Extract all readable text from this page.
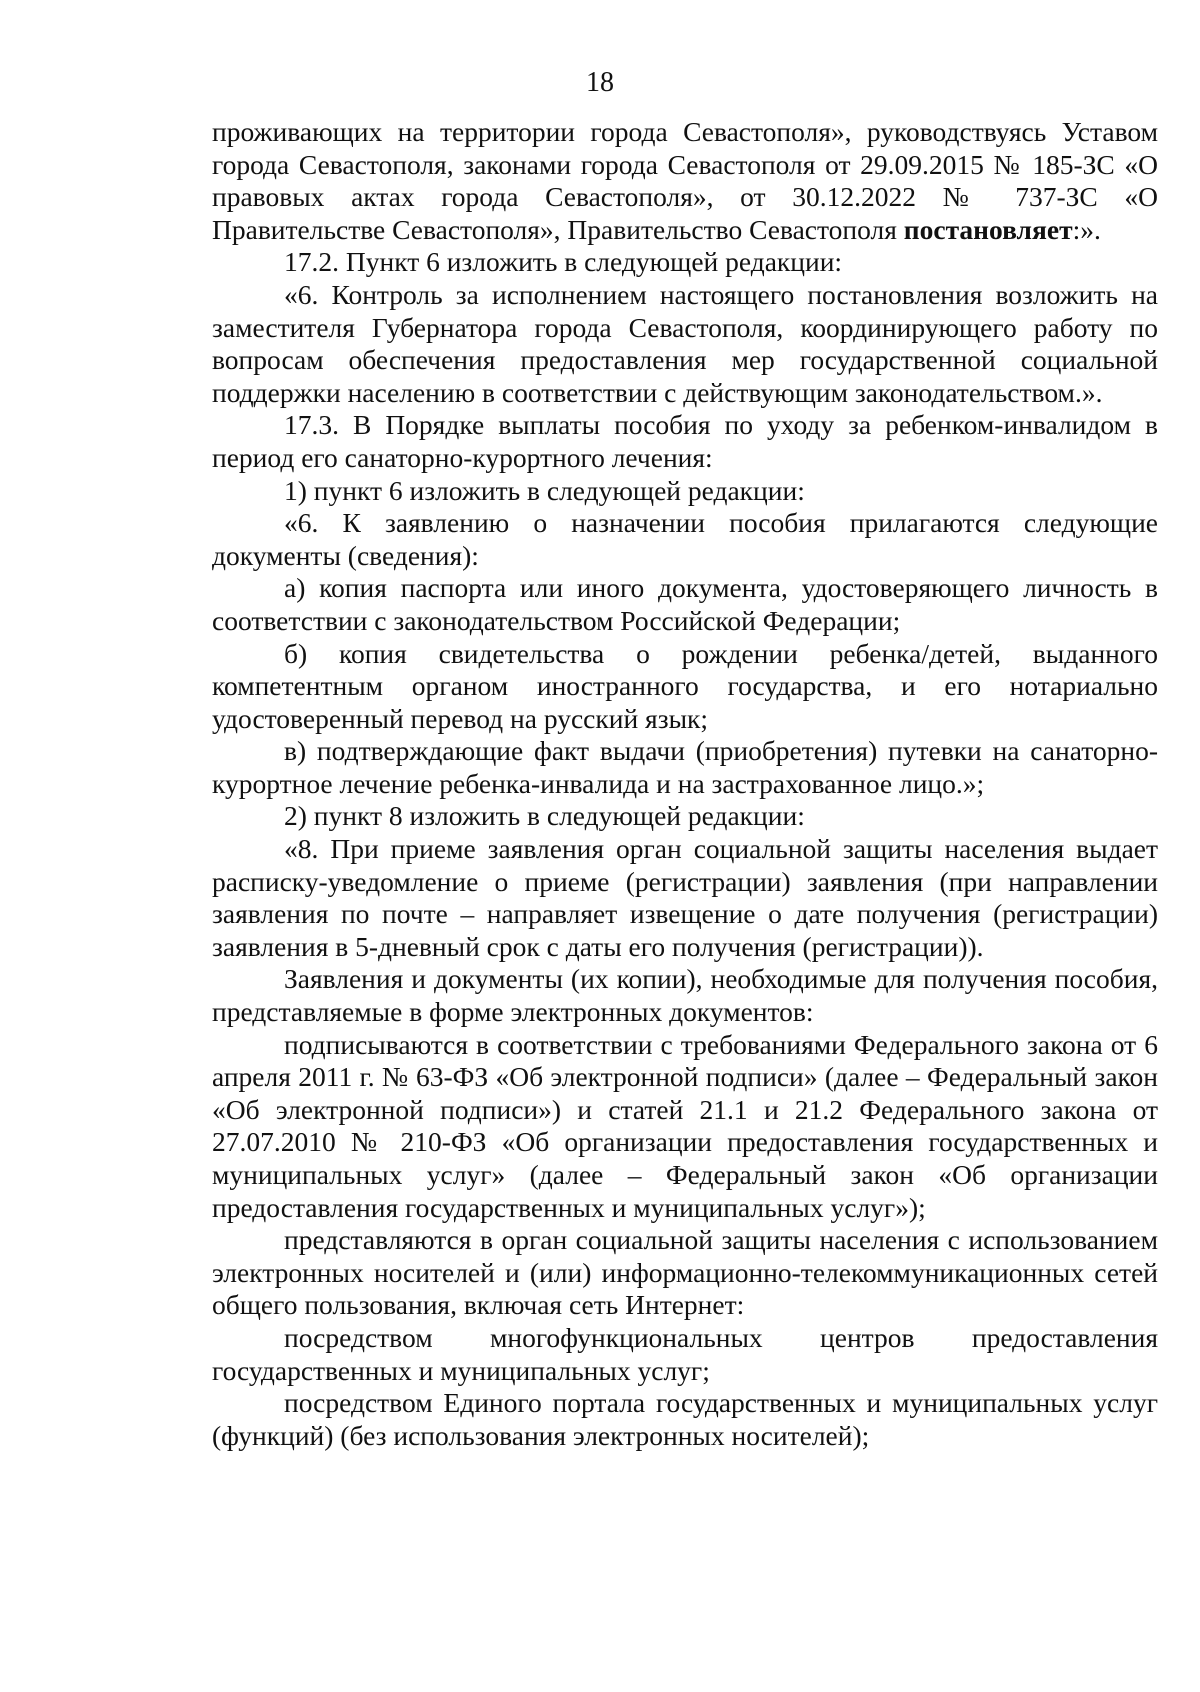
18

проживающих на территории города Севастополя», руководствуясь Уставом города Севастополя, законами города Севастополя от 29.09.2015 № 185-ЗС «О правовых актах города Севастополя», от 30.12.2022 № 737-ЗС «О Правительстве Севастополя», Правительство Севастополя постановляет:».

17.2. Пункт 6 изложить в следующей редакции:

«6. Контроль за исполнением настоящего постановления возложить на заместителя Губернатора города Севастополя, координирующего работу по вопросам обеспечения предоставления мер государственной социальной поддержки населению в соответствии с действующим законодательством.».

17.3. В Порядке выплаты пособия по уходу за ребенком-инвалидом в период его санаторно-курортного лечения:

1) пункт 6 изложить в следующей редакции:

«6. К заявлению о назначении пособия прилагаются следующие документы (сведения):

а) копия паспорта или иного документа, удостоверяющего личность в соответствии с законодательством Российской Федерации;

б) копия свидетельства о рождении ребенка/детей, выданного компетентным органом иностранного государства, и его нотариально удостоверенный перевод на русский язык;

в) подтверждающие факт выдачи (приобретения) путевки на санаторно-курортное лечение ребенка-инвалида и на застрахованное лицо.»;

2) пункт 8 изложить в следующей редакции:

«8. При приеме заявления орган социальной защиты населения выдает расписку-уведомление о приеме (регистрации) заявления (при направлении заявления по почте – направляет извещение о дате получения (регистрации) заявления в 5-дневный срок с даты его получения (регистрации)).

Заявления и документы (их копии), необходимые для получения пособия, представляемые в форме электронных документов:

подписываются в соответствии с требованиями Федерального закона от 6 апреля 2011 г. № 63-ФЗ «Об электронной подписи» (далее – Федеральный закон «Об электронной подписи») и статей 21.1 и 21.2 Федерального закона от 27.07.2010 № 210-ФЗ «Об организации предоставления государственных и муниципальных услуг» (далее – Федеральный закон «Об организации предоставления государственных и муниципальных услуг»);

представляются в орган социальной защиты населения с использованием электронных носителей и (или) информационно-телекоммуникационных сетей общего пользования, включая сеть Интернет:

посредством многофункциональных центров предоставления государственных и муниципальных услуг;

посредством Единого портала государственных и муниципальных услуг (функций) (без использования электронных носителей);
